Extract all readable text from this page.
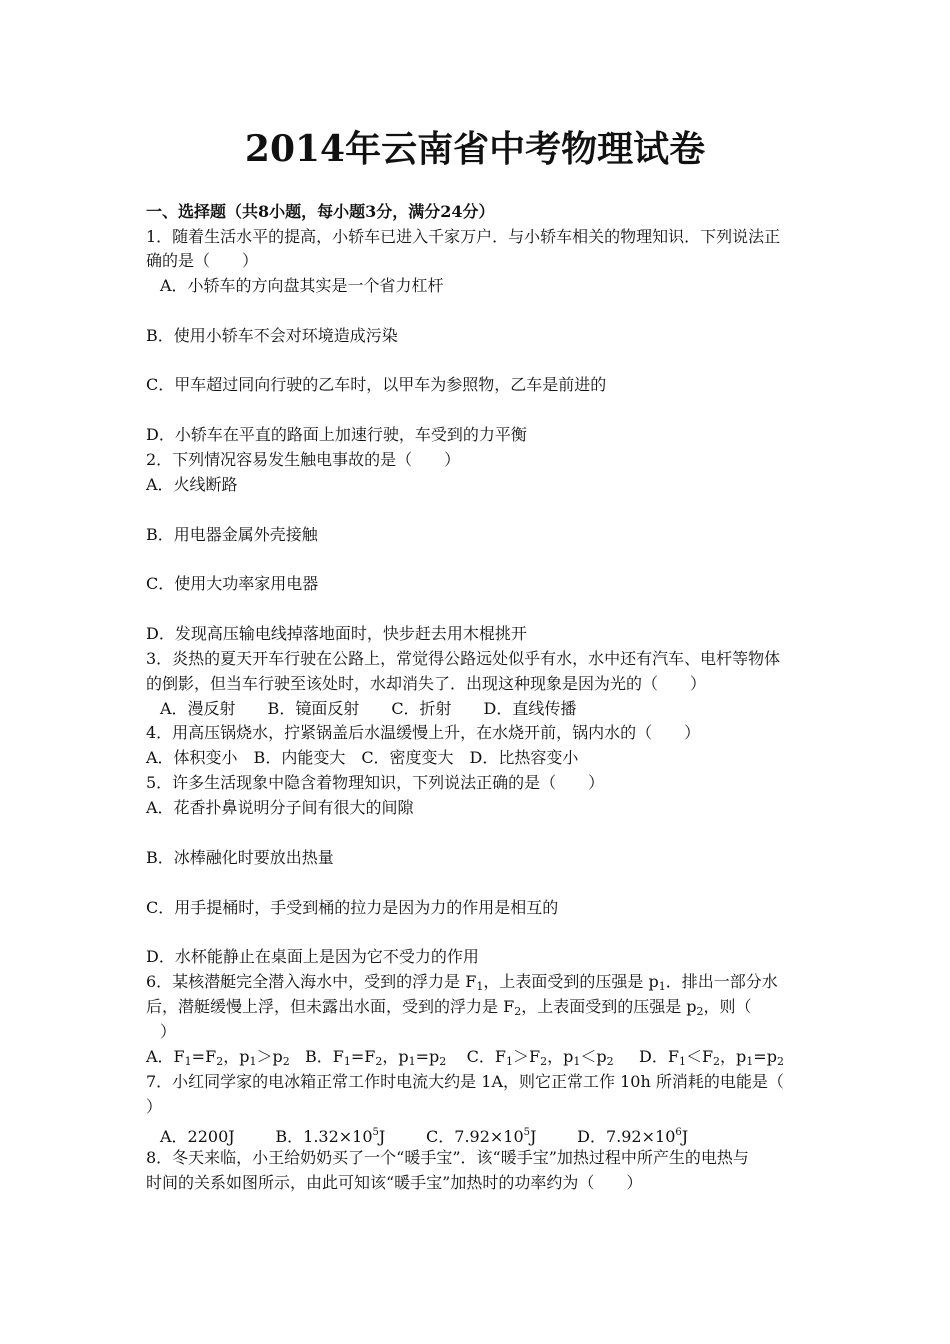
2014年云南省中考物理试卷
一、选择题（共8小题，每小题3分，满分24分）
1．随着生活水平的提高，小轿车已进入千家万户．与小轿车相关的物理知识．下列说法正
确的是（　　）
A．小轿车的方向盘其实是一个省力杠杆
B．使用小轿车不会对环境造成污染
C．甲车超过同向行驶的乙车时，以甲车为参照物，乙车是前进的
D．小轿车在平直的路面上加速行驶，车受到的力平衡
2．下列情况容易发生触电事故的是（　　）
A．火线断路
B．用电器金属外壳接触
C．使用大功率家用电器
D．发现高压输电线掉落地面时，快步赶去用木棍挑开
3．炎热的夏天开车行驶在公路上，常觉得公路远处似乎有水，水中还有汽车、电杆等物体
的倒影，但当车行驶至该处时，水却消失了．出现这种现象是因为光的（　　）
A．漫反射　　B．镜面反射　　C．折射　　D．直线传播
4．用高压锅烧水，拧紧锅盖后水温缓慢上升，在水烧开前，锅内水的（　　）
A．体积变小　B．内能变大　C．密度变大　D．比热容变小
5．许多生活现象中隐含着物理知识，下列说法正确的是（　　）
A．花香扑鼻说明分子间有很大的间隙
B．冰棒融化时要放出热量
C．用手提桶时，手受到桶的拉力是因为力的作用是相互的
D．水杯能静止在桌面上是因为它不受力的作用
6．某核潜艇完全潜入海水中，受到的浮力是 $F_1$，上表面受到的压强是 $p_1$．排出一部分水
后，潜艇缓慢上浮，但未露出水面，受到的浮力是 $F_2$，上表面受到的压强是 $p_2$，则（
）
A．$F_1=F_2$，$p_1>p_2$ B．$F_1=F_2$，$p_1=p_2$ C．$F_1>F_2$，$p_1<p_2$ D．$F_1<F_2$，$p_1=p_2$
7．小红同学家的电冰箱正常工作时电流大约是 1A，则它正常工作 10h 所消耗的电能是（
）
A．2200J	B．$1.32\times 10^5J$	C．$7.92\times 10^5J$	D．$7.92\times 10^6J$
8．冬天来临，小王给奶奶买了一个“暖手宝”．该“暖手宝”加热过程中所产生的电热与
时间的关系如图所示，由此可知该“暖手宝”加热时的功率约为（　　）
